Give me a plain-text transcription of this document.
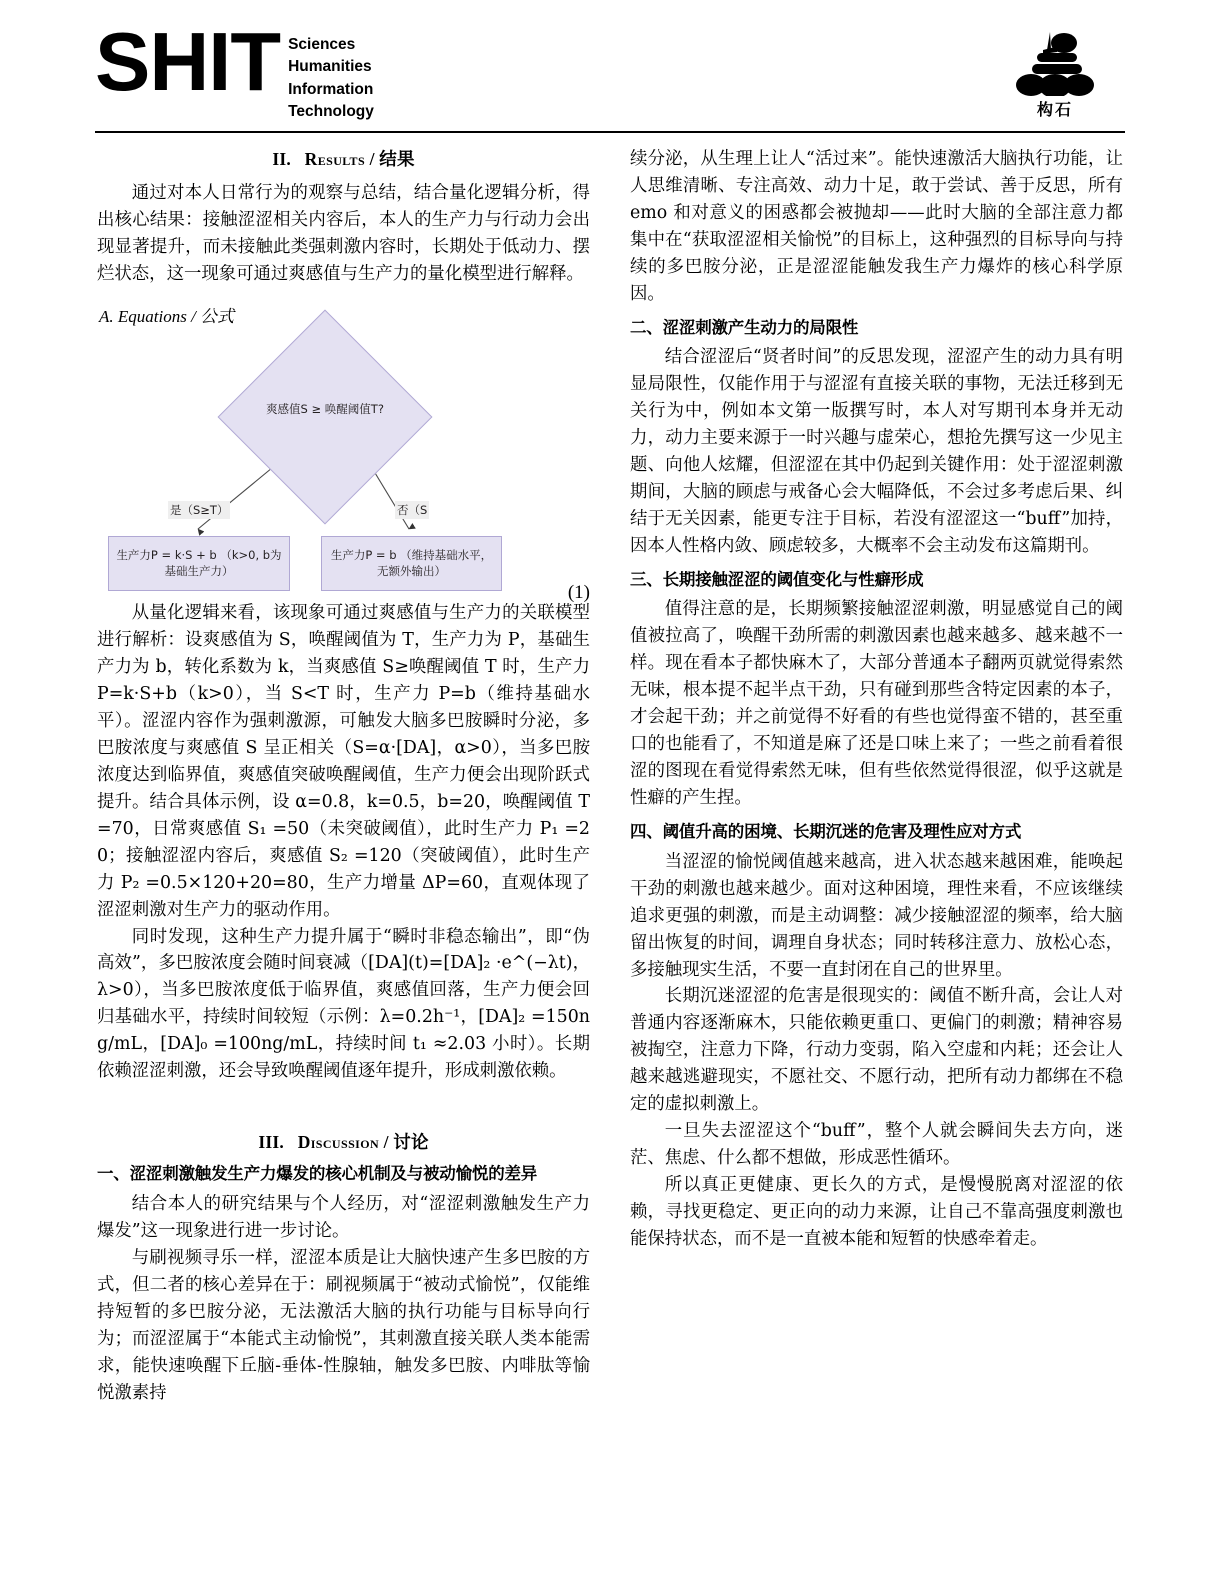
SHIT Sciences
Humanities
Information
Technology	构石
II. Results / 结果

通过对本人日常行为的观察与总结，结合量化逻辑分析，得出核心结果：接触涩涩相关内容后，本人的生产力与行动力会出现显著提升，而未接触此类强刺激内容时，长期处于低动力、摆烂状态，这一现象可通过爽感值与生产力的量化模型进行解释。

A. Equations / 公式
爽感值S ≥ 唤醒阈值T?
是（S≥T）	否（S
生产力P = k·S + b （k>0, b为基础生产力）
生产力P = b （维持基础水平，无额外输出）
(1)

从量化逻辑来看，该现象可通过爽感值与生产力的关联模型进行解析：设爽感值为 S，唤醒阈值为 T，生产力为 P，基础生产力为 b，转化系数为 k，当爽感值 S≥唤醒阈值 T 时，生产力 P=k·S+b（k>0），当 S<T 时，生产力 P=b（维持基础水平）。涩涩内容作为强刺激源，可触发大脑多巴胺瞬时分泌，多巴胺浓度与爽感值 S 呈正相关（S=α·[DA]，α>0），当多巴胺浓度达到临界值，爽感值突破唤醒阈值，生产力便会出现阶跃式提升。结合具体示例，设 α=0.8，k=0.5，b=20，唤醒阈值 T=70，日常爽感值 S₁ =50（未突破阈值），此时生产力 P₁ =20；接触涩涩内容后，爽感值 S₂ =120（突破阈值），此时生产力 P₂ =0.5×120+20=80，生产力增量 ΔP=60，直观体现了涩涩刺激对生产力的驱动作用。

同时发现，这种生产力提升属于“瞬时非稳态输出”，即“伪高效”，多巴胺浓度会随时间衰减（[DA](t)=[DA]₂ ·e^(−λt)，λ>0），当多巴胺浓度低于临界值，爽感值回落，生产力便会回归基础水平，持续时间较短（示例：λ=0.2h⁻¹，[DA]₂ =150ng/mL，[DA]₀ =100ng/mL，持续时间 t₁ ≈2.03 小时）。长期依赖涩涩刺激，还会导致唤醒阈值逐年提升，形成刺激依赖。

III. Discussion / 讨论
一、涩涩刺激触发生产力爆发的核心机制及与被动愉悦的差异

结合本人的研究结果与个人经历，对“涩涩刺激触发生产力爆发”这一现象进行进一步讨论。

与刷视频寻乐一样，涩涩本质是让大脑快速产生多巴胺的方式，但二者的核心差异在于：刷视频属于“被动式愉悦”，仅能维持短暂的多巴胺分泌，无法激活大脑的执行功能与目标导向行为；而涩涩属于“本能式主动愉悦”，其刺激直接关联人类本能需求，能快速唤醒下丘脑-垂体-性腺轴，触发多巴胺、内啡肽等愉悦激素持

续分泌，从生理上让人“活过来”。能快速激活大脑执行功能，让人思维清晰、专注高效、动力十足，敢于尝试、善于反思，所有 emo 和对意义的困惑都会被抛却——此时大脑的全部注意力都集中在“获取涩涩相关愉悦”的目标上，这种强烈的目标导向与持续的多巴胺分泌，正是涩涩能触发我生产力爆炸的核心科学原因。

二、涩涩刺激产生动力的局限性

结合涩涩后“贤者时间”的反思发现，涩涩产生的动力具有明显局限性，仅能作用于与涩涩有直接关联的事物，无法迁移到无关行为中，例如本文第一版撰写时，本人对写期刊本身并无动力，动力主要来源于一时兴趣与虚荣心，想抢先撰写这一少见主题、向他人炫耀，但涩涩在其中仍起到关键作用：处于涩涩刺激期间，大脑的顾虑与戒备心会大幅降低，不会过多考虑后果、纠结于无关因素，能更专注于目标，若没有涩涩这一“buff”加持，因本人性格内敛、顾虑较多，大概率不会主动发布这篇期刊。

三、长期接触涩涩的阈值变化与性癖形成

值得注意的是，长期频繁接触涩涩刺激，明显感觉自己的阈值被拉高了，唤醒干劲所需的刺激因素也越来越多、越来越不一样。现在看本子都快麻木了，大部分普通本子翻两页就觉得索然无味，根本提不起半点干劲，只有碰到那些含特定因素的本子，才会起干劲；并之前觉得不好看的有些也觉得蛮不错的，甚至重口的也能看了，不知道是麻了还是口味上来了；一些之前看着很涩的图现在看觉得索然无味，但有些依然觉得很涩，似乎这就是性癖的产生捏。

四、阈值升高的困境、长期沉迷的危害及理性应对方式

当涩涩的愉悦阈值越来越高，进入状态越来越困难，能唤起干劲的刺激也越来越少。面对这种困境，理性来看，不应该继续追求更强的刺激，而是主动调整：减少接触涩涩的频率，给大脑留出恢复的时间，调理自身状态；同时转移注意力、放松心态，多接触现实生活，不要一直封闭在自己的世界里。

长期沉迷涩涩的危害是很现实的：阈值不断升高，会让人对普通内容逐渐麻木，只能依赖更重口、更偏门的刺激；精神容易被掏空，注意力下降，行动力变弱，陷入空虚和内耗；还会让人越来越逃避现实，不愿社交、不愿行动，把所有动力都绑在不稳定的虚拟刺激上。

一旦失去涩涩这个“buff”，整个人就会瞬间失去方向，迷茫、焦虑、什么都不想做，形成恶性循环。

所以真正更健康、更长久的方式，是慢慢脱离对涩涩的依赖，寻找更稳定、更正向的动力来源，让自己不靠高强度刺激也能保持状态，而不是一直被本能和短暂的快感牵着走。
